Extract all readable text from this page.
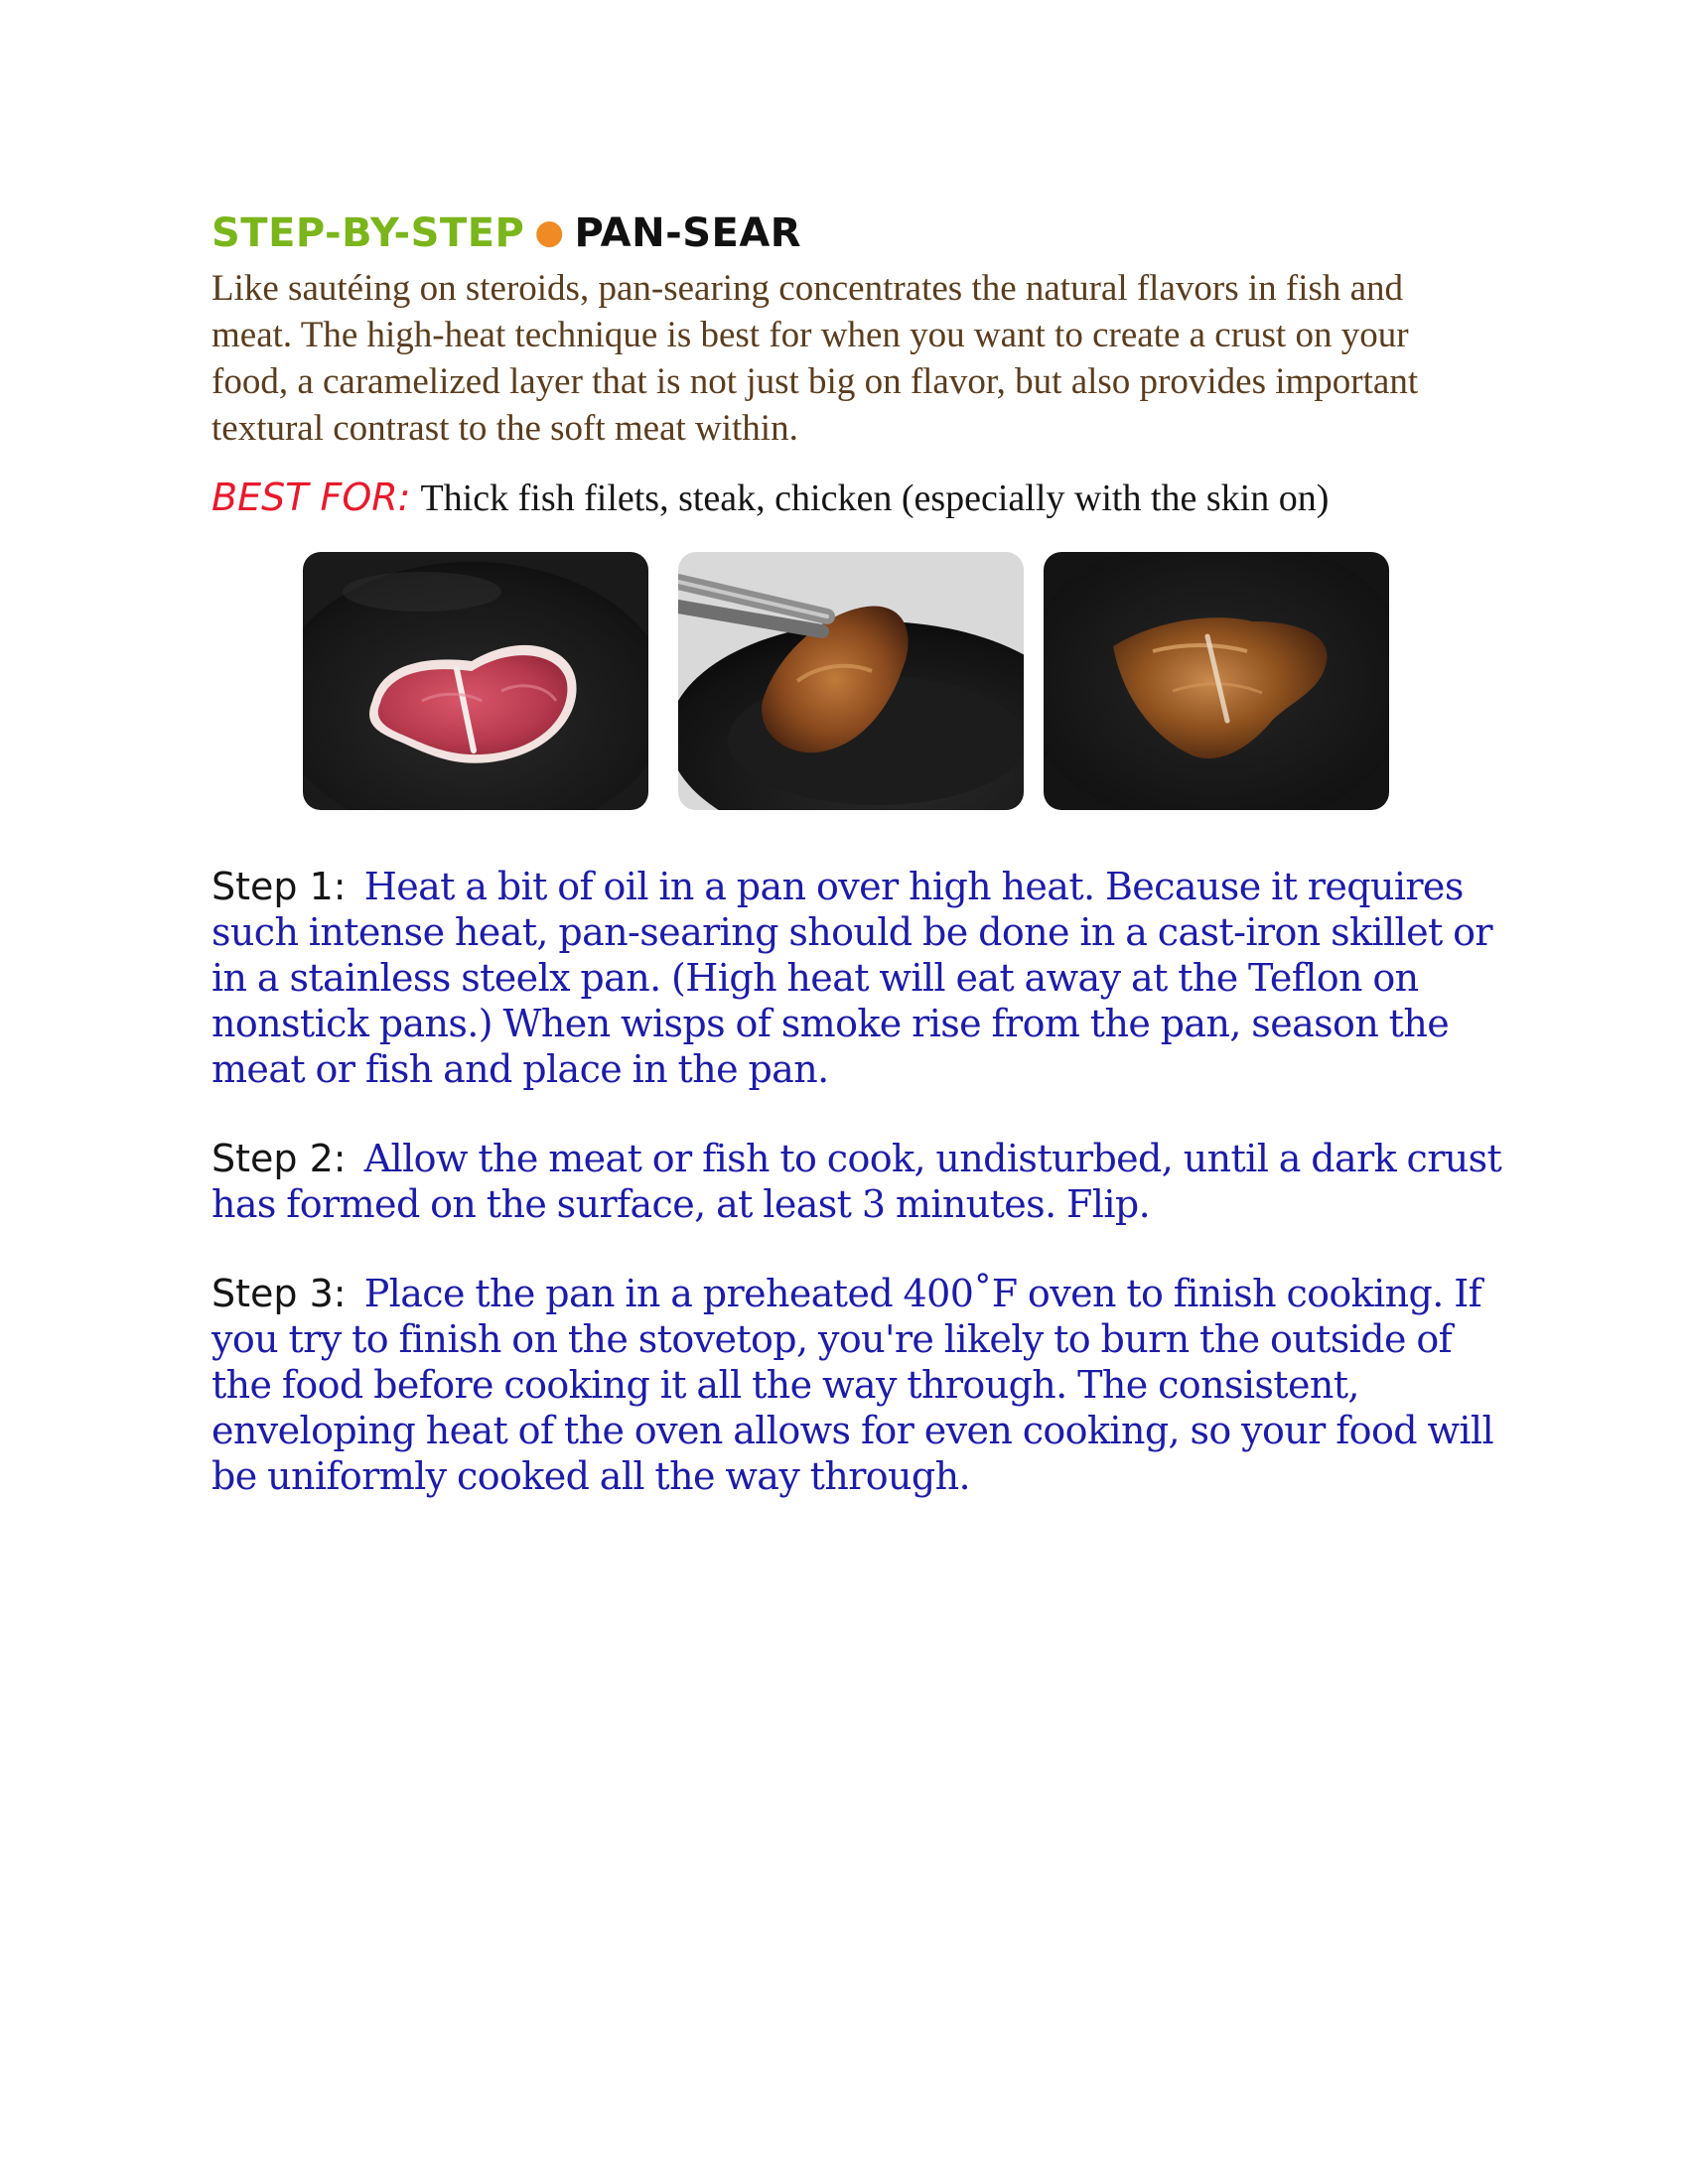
STEP-BY-STEP ● PAN-SEAR

Like sautéing on steroids, pan-searing concentrates the natural flavors in fish and meat. The high-heat technique is best for when you want to create a crust on your food, a caramelized layer that is not just big on flavor, but also provides important textural contrast to the soft meat within.

BEST FOR: Thick fish filets, steak, chicken (especially with the skin on)

Step 1: Heat a bit of oil in a pan over high heat. Because it requires such intense heat, pan-searing should be done in a cast-iron skillet or in a stainless steelx pan. (High heat will eat away at the Teflon on nonstick pans.) When wisps of smoke rise from the pan, season the meat or fish and place in the pan.

Step 2: Allow the meat or fish to cook, undisturbed, until a dark crust has formed on the surface, at least 3 minutes. Flip.

Step 3: Place the pan in a preheated 400˚F oven to finish cooking. If you try to finish on the stovetop, you're likely to burn the outside of the food before cooking it all the way through. The consistent, enveloping heat of the oven allows for even cooking, so your food will be uniformly cooked all the way through.
